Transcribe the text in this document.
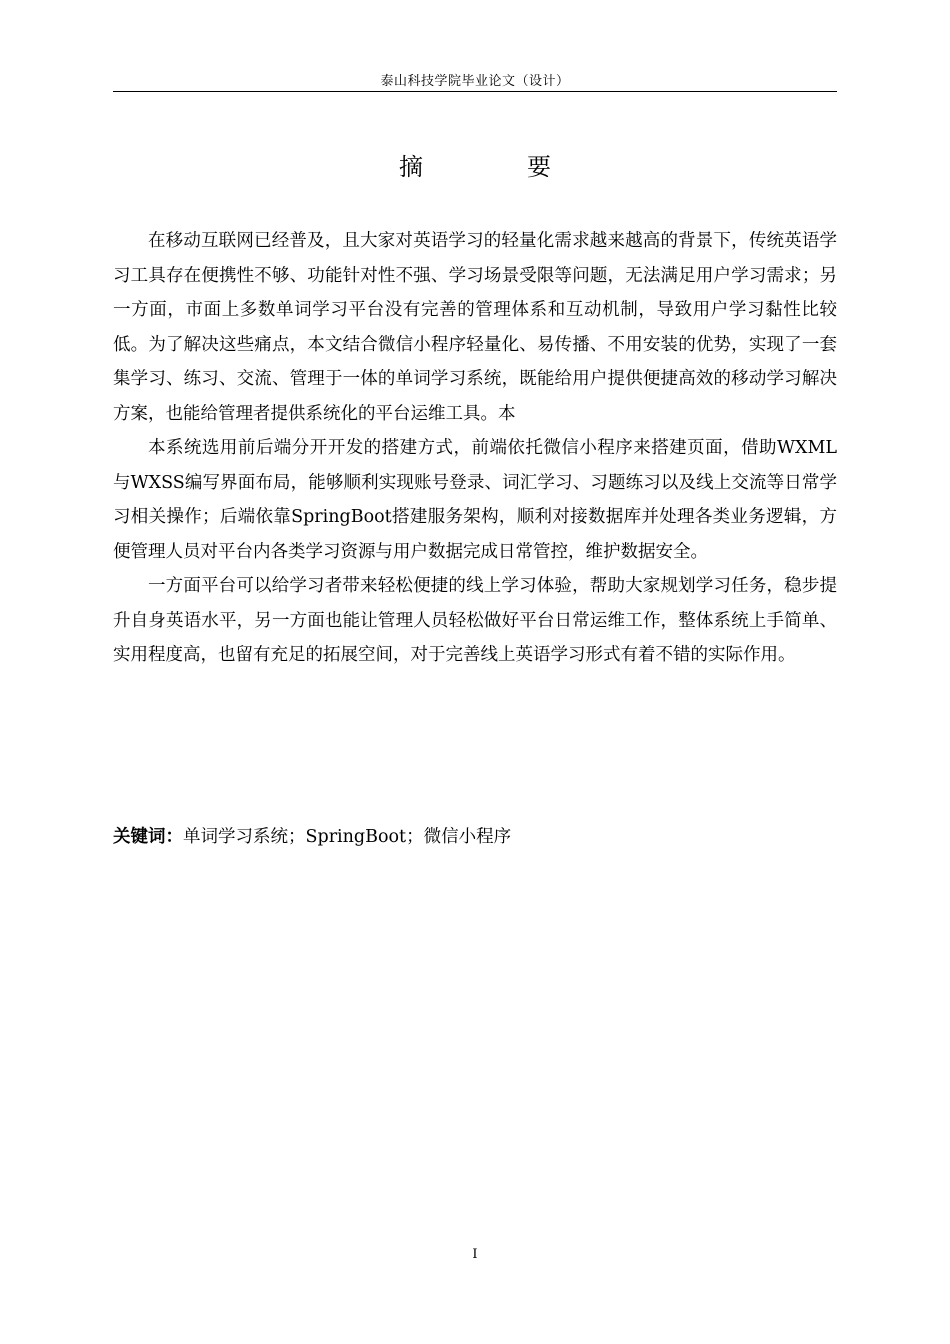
泰山科技学院毕业论文（设计）
摘　要

在移动互联网已经普及，且大家对英语学习的轻量化需求越来越高的背景下，传统英语学习工具存在便携性不够、功能针对性不强、学习场景受限等问题，无法满足用户学习需求；另一方面，市面上多数单词学习平台没有完善的管理体系和互动机制，导致用户学习黏性比较低。为了解决这些痛点，本文结合微信小程序轻量化、易传播、不用安装的优势，实现了一套集学习、练习、交流、管理于一体的单词学习系统，既能给用户提供便捷高效的移动学习解决方案，也能给管理者提供系统化的平台运维工具。本

本系统选用前后端分开开发的搭建方式，前端依托微信小程序来搭建页面，借助WXML与WXSS编写界面布局，能够顺利实现账号登录、词汇学习、习题练习以及线上交流等日常学习相关操作；后端依靠SpringBoot搭建服务架构，顺利对接数据库并处理各类业务逻辑，方便管理人员对平台内各类学习资源与用户数据完成日常管控，维护数据安全。

一方面平台可以给学习者带来轻松便捷的线上学习体验，帮助大家规划学习任务，稳步提升自身英语水平，另一方面也能让管理人员轻松做好平台日常运维工作，整体系统上手简单、实用程度高，也留有充足的拓展空间，对于完善线上英语学习形式有着不错的实际作用。

关键词：单词学习系统；SpringBoot；微信小程序
I
